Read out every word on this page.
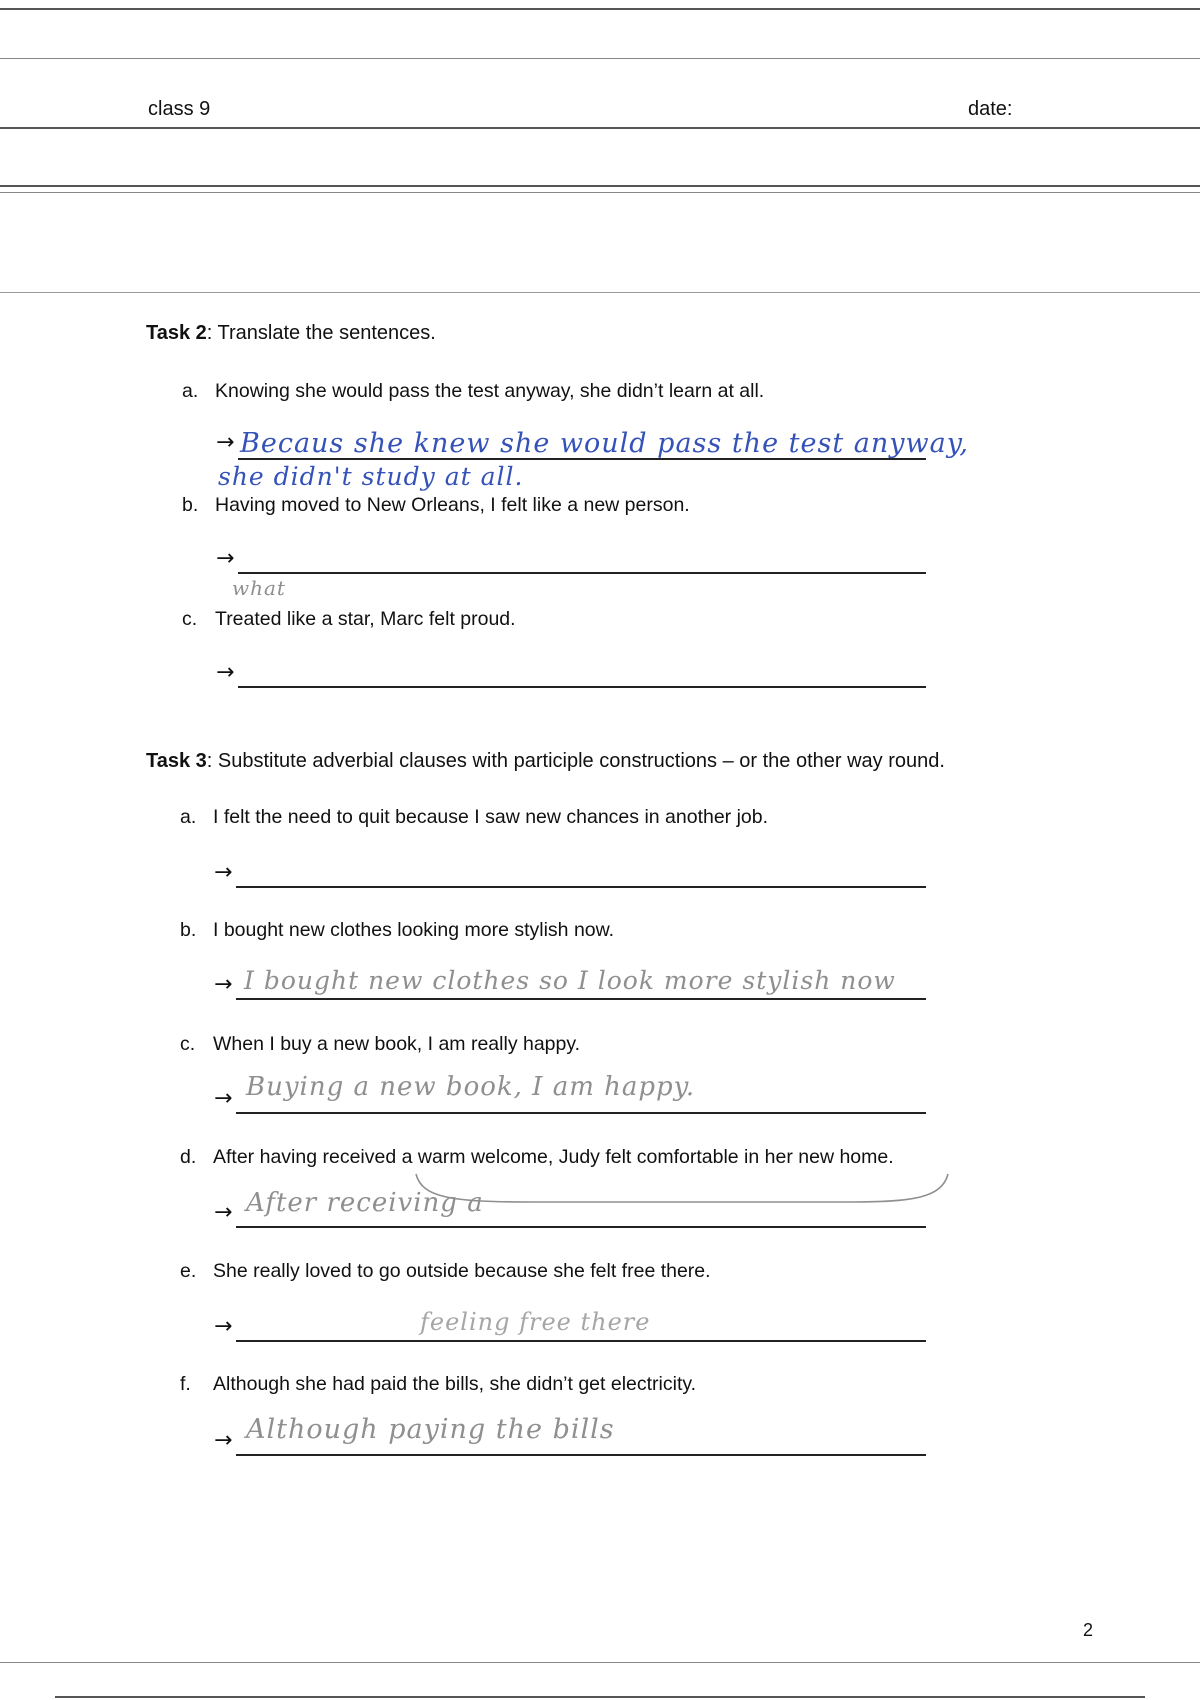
class 9	date:
Task 2: Translate the sentences.
a. Knowing she would pass the test anyway, she didn’t learn at all.
→ Becaus she knew she would pass the test anyway,
she didn't study at all.
b. Having moved to New Orleans, I felt like a new person.
→
what
c. Treated like a star, Marc felt proud.
→
Task 3: Substitute adverbial clauses with participle constructions – or the other way round.
a. I felt the need to quit because I saw new chances in another job.
→
b. I bought new clothes looking more stylish now.
→ I bought new clothes so I look more stylish now
c. When I buy a new book, I am really happy.
→ Buying a new book, I am happy.
d. After having received a warm welcome, Judy felt comfortable in her new home.
→ After receiving a
e. She really loved to go outside because she felt free there.
→	feeling free there
f. Although she had paid the bills, she didn’t get electricity.
→ Although paying the bills
2
